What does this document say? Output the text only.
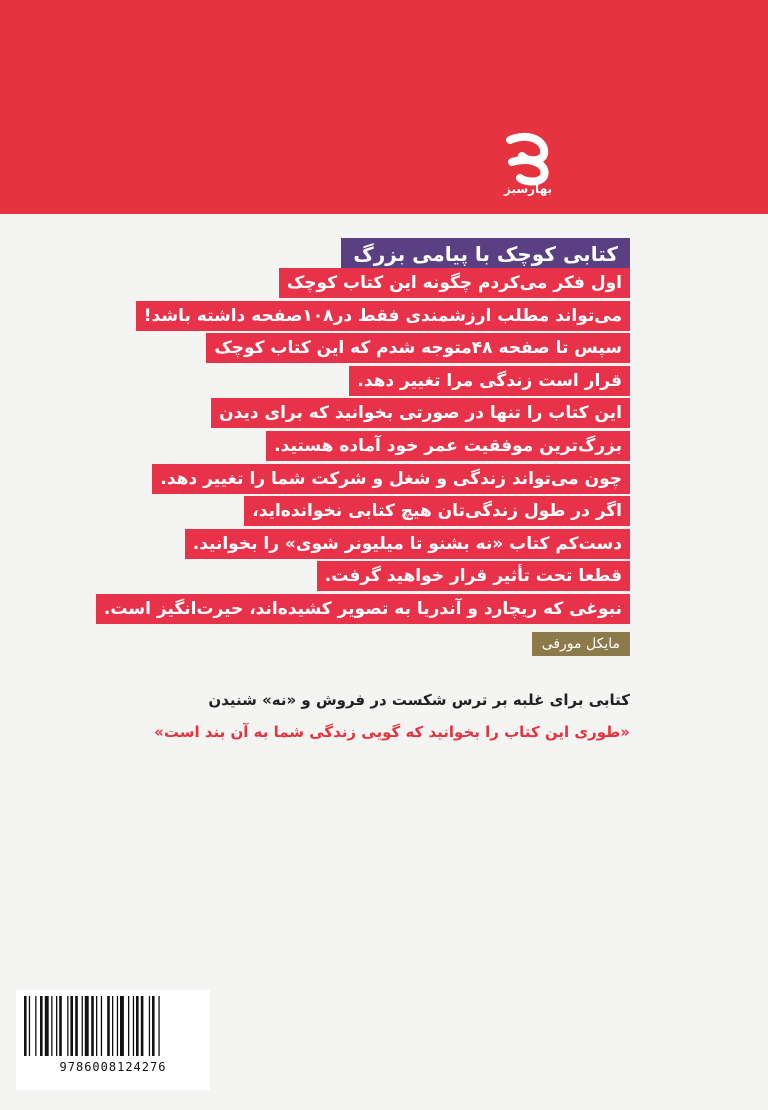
بهارسبز
کتابی کوچک با پیامی بزرگ
اول فکر می‌کردم چگونه این کتاب کوچک
می‌تواند مطلب ارزشمندی فقط در۱۰۸صفحه داشته باشد!
سپس تا صفحه ۴۸متوجه شدم که این کتاب کوچک
قرار است زندگی مرا تغییر دهد.
این کتاب را تنها در صورتی بخوانید که برای دیدن
بزرگ‌ترین موفقیت عمر خود آماده هستید.
چون می‌تواند زندگی و شغل و شرکت شما را تغییر دهد.
اگر در طول زندگی‌تان هیچ کتابی نخوانده‌اید،
دست‌کم کتاب «نه بشنو تا میلیونر شوی» را بخوانید.
قطعا تحت تأثیر قرار خواهید گرفت.
نبوغی که ریچارد و آندریا به تصویر کشیده‌اند، حیرت‌انگیز است.
مایکل مورفی
کتابی برای غلبه بر ترس شکست در فروش و «نه» شنیدن
«طوری این کتاب را بخوانید که گویی زندگی شما به آن بند است»
9786008124276
